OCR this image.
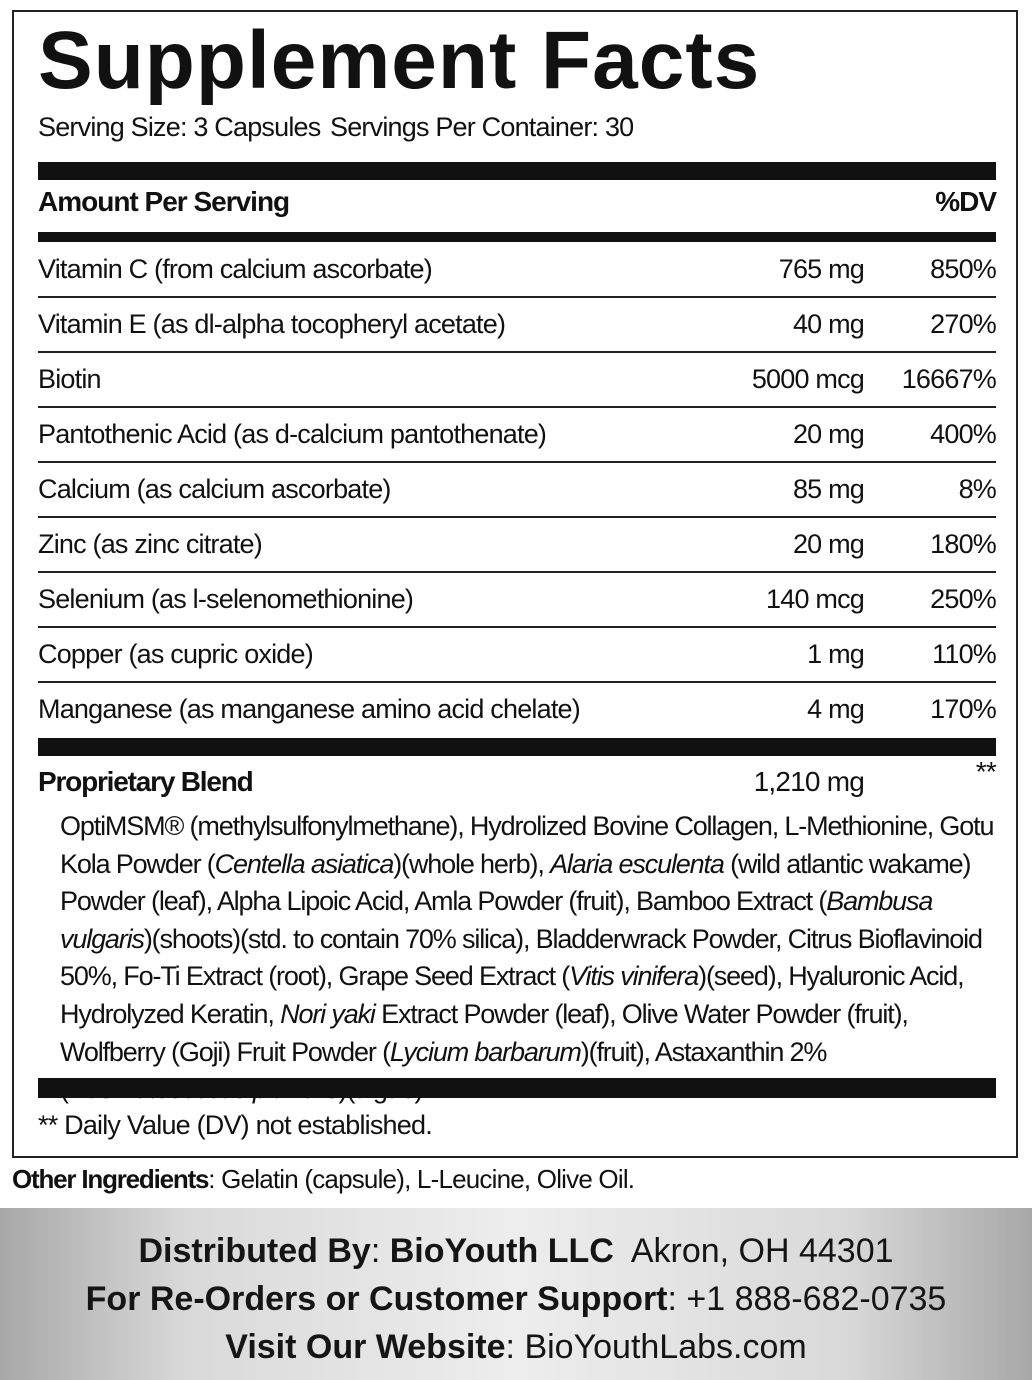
Supplement Facts
Serving Size: 3 Capsules Servings Per Container: 30
Amount Per Serving	%DV
Vitamin C (from calcium ascorbate)	765 mg 850%
Vitamin E (as dl-alpha tocopheryl acetate)	40 mg 270%
Biotin	5000 mcg 16667%
Pantothenic Acid (as d-calcium pantothenate)	20 mg 400%
Calcium (as calcium ascorbate)	85 mg	8%
Zinc (as zinc citrate)	20 mg 180%
Selenium (as l-selenomethionine)	140 mcg 250%
Copper (as cupric oxide)	1 mg	110%
Manganese (as manganese amino acid chelate)	4 mg 170%
Proprietary Blend	1,210 mg	**
OptiMSM® (methylsulfonylmethane), Hydrolized Bovine Collagen, L-Methionine, Gotu Kola Powder (Centella asiatica)(whole herb), Alaria esculenta (wild atlantic wakame) Powder (leaf), Alpha Lipoic Acid, Amla Powder (fruit), Bamboo Extract (Bambusa vulgaris)(shoots)(std. to contain 70% silica), Bladderwrack Powder, Citrus Bioflavinoid 50%, Fo-Ti Extract (root), Grape Seed Extract (Vitis vinifera)(seed), Hyaluronic Acid, Hydrolyzed Keratin, Nori yaki Extract Powder (leaf), Olive Water Powder (fruit), Wolfberry (Goji) Fruit Powder (Lycium barbarum)(fruit), Astaxanthin 2%
** Daily Value (DV) not established.
Other Ingredients: Gelatin (capsule), L-Leucine, Olive Oil.
Distributed By: BioYouth LLC  Akron, OH 44301
For Re-Orders or Customer Support: +1 888-682-0735
Visit Our Website: BioYouthLabs.com
